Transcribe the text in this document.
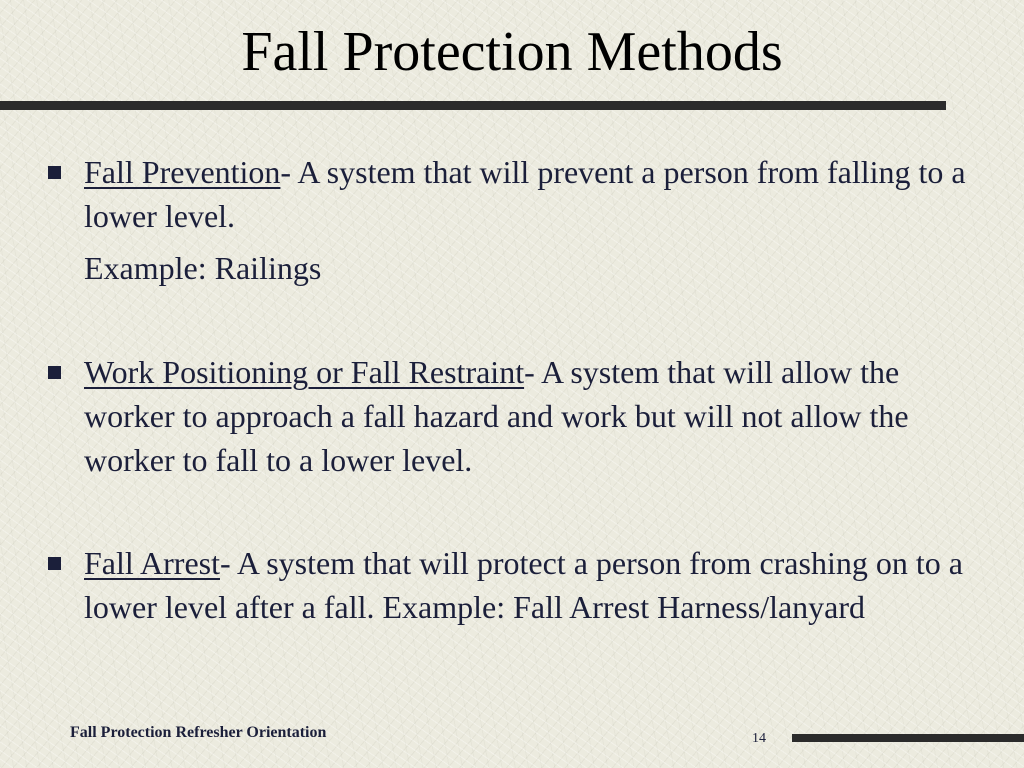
Fall Protection Methods
Fall Prevention- A system that will prevent a person from falling to a lower level.
Example: Railings
Work Positioning or Fall Restraint- A system that will allow the worker to approach a fall hazard and work but will not allow the worker to fall to a lower level.
Fall Arrest- A system that will protect a person from crashing on to a lower level after a fall. Example: Fall Arrest Harness/lanyard
Fall Protection Refresher Orientation	14
